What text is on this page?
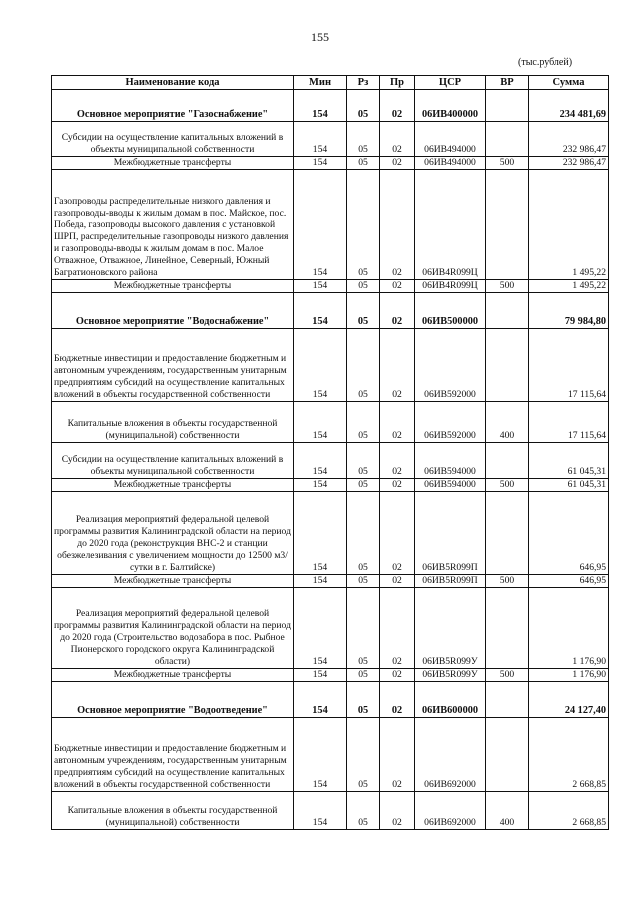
155
(тыс.рублей)
Наименование кода	Мин	Рз	Пр	ЦСР	ВР	Сумма
Основное мероприятие "Газоснабжение"	154	05	02	06ИВ400000		234 481,69
Субсидии на осуществление капитальных вложений в объекты муниципальной собственности	154	05	02	06ИВ494000		232 986,47
Межбюджетные трансферты	154	05	02	06ИВ494000	500	232 986,47
Газопроводы распределительные низкого давления и газопроводы-вводы к жилым домам в пос. Майское, пос. Победа, газопроводы высокого давления с установкой ШРП, распределительные газопроводы низкого давления и газопроводы-вводы к жилым домам в пос. Малое Отважное, Отважное, Линейное, Северный, Южный Багратионовского района	154	05	02	06ИВ4R099Ц		1 495,22
Межбюджетные трансферты	154	05	02	06ИВ4R099Ц	500	1 495,22
Основное мероприятие "Водоснабжение"	154	05	02	06ИВ500000		79 984,80
Бюджетные инвестиции и предоставление бюджетным и автономным учреждениям, государственным унитарным предприятиям субсидий на осуществление капитальных вложений в объекты государственной собственности	154	05	02	06ИВ592000		17 115,64
Капитальные вложения в объекты государственной (муниципальной) собственности	154	05	02	06ИВ592000	400	17 115,64
Субсидии на осуществление капитальных вложений в объекты муниципальной собственности	154	05	02	06ИВ594000		61 045,31
Межбюджетные трансферты	154	05	02	06ИВ594000	500	61 045,31
Реализация мероприятий федеральной целевой программы развития Калининградской области на период до 2020 года (реконструкция ВНС-2 и станции обезжелезивания с увеличением мощности до 12500 м3/сутки в г. Балтийске)	154	05	02	06ИВ5R099П		646,95
Межбюджетные трансферты	154	05	02	06ИВ5R099П	500	646,95
Реализация мероприятий федеральной целевой программы развития Калининградской области на период до 2020 года (Строительство водозабора в пос. Рыбное Пионерского городского округа Калининградской области)	154	05	02	06ИВ5R099У		1 176,90
Межбюджетные трансферты	154	05	02	06ИВ5R099У	500	1 176,90
Основное мероприятие "Водоотведение"	154	05	02	06ИВ600000		24 127,40
Бюджетные инвестиции и предоставление бюджетным и автономным учреждениям, государственным унитарным предприятиям субсидий на осуществление капитальных вложений в объекты государственной собственности	154	05	02	06ИВ692000		2 668,85
Капитальные вложения в объекты государственной (муниципальной) собственности	154	05	02	06ИВ692000	400	2 668,85
